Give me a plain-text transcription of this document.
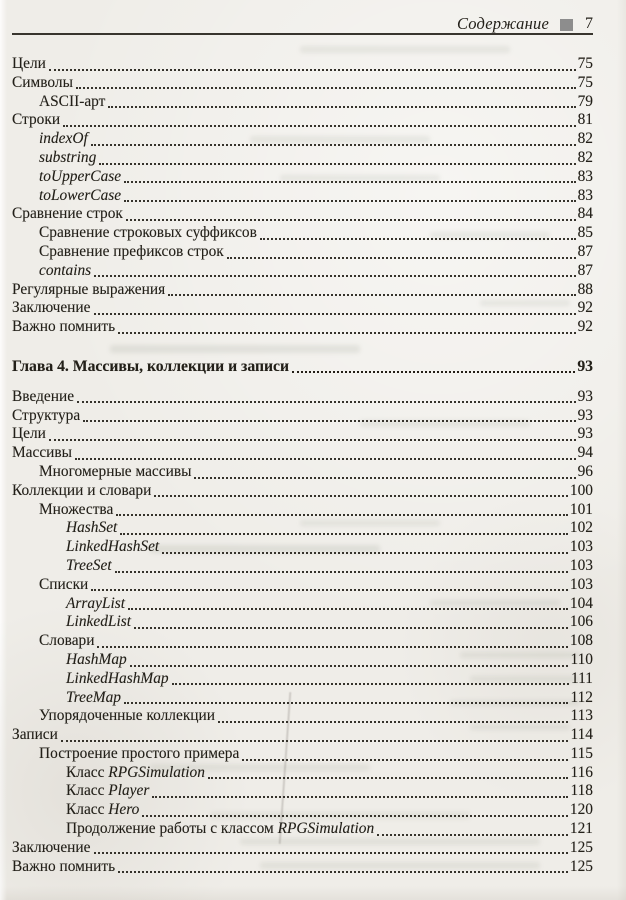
Содержание 7
Цели	75
Символы	75
ASCII-арт	79
Строки	81
indexOf	82
substring	82
toUpperCase	83
toLowerCase	83
Сравнение строк	84
Сравнение строковых суффиксов	85
Сравнение префиксов строк	87
contains	87
Регулярные выражения	88
Заключение	92
Важно помнить	92
Глава 4. Массивы, коллекции и записи	93
Введение	93
Структура	93
Цели	93
Массивы	94
Многомерные массивы	96
Коллекции и словари	100
Множества	101
HashSet	102
LinkedHashSet	103
TreeSet	103
Списки	103
ArrayList	104
LinkedList	106
Словари	108
HashMap	110
LinkedHashMap	111
TreeMap	112
Упорядоченные коллекции	113
Записи	114
Построение простого примера	115
Класс RPGSimulation	116
Класс Player	118
Класс Hero	120
Продолжение работы с классом RPGSimulation	121
Заключение	125
Важно помнить	125
